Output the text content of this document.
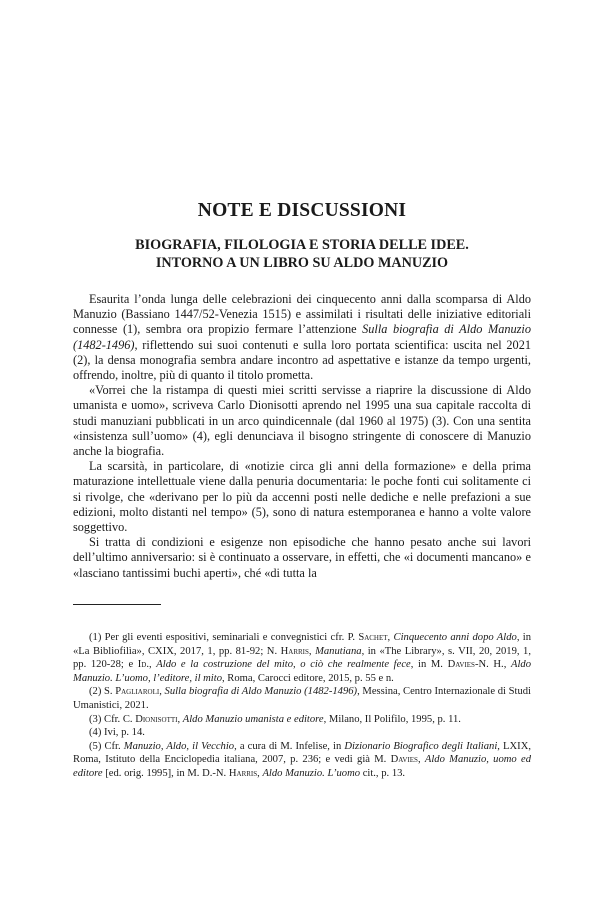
NOTE E DISCUSSIONI
BIOGRAFIA, FILOLOGIA E STORIA DELLE IDEE.
INTORNO A UN LIBRO SU ALDO MANUZIO

Esaurita l’onda lunga delle celebrazioni dei cinquecento anni dalla scomparsa di Aldo Manuzio (Bassiano 1447/52-Venezia 1515) e assimilati i risultati delle iniziative editoriali connesse (1), sembra ora propizio fermare l’attenzione Sulla biografia di Aldo Manuzio (1482-1496), riflettendo sui suoi contenuti e sulla loro portata scientifica: uscita nel 2021 (2), la densa monografia sembra andare incontro ad aspettative e istanze da tempo urgenti, offrendo, inoltre, più di quanto il titolo prometta.

«Vorrei che la ristampa di questi miei scritti servisse a riaprire la discussione di Aldo umanista e uomo», scriveva Carlo Dionisotti aprendo nel 1995 una sua capitale raccolta di studi manuziani pubblicati in un arco quindicennale (dal 1960 al 1975) (3). Con una sentita «insistenza sull’uomo» (4), egli denunciava il bisogno stringente di conoscere di Manuzio anche la biografia.

La scarsità, in particolare, di «notizie circa gli anni della formazione» e della prima maturazione intellettuale viene dalla penuria documentaria: le poche fonti cui solitamente ci si rivolge, che «derivano per lo più da accenni posti nelle dediche e nelle prefazioni a sue edizioni, molto distanti nel tempo» (5), sono di natura estemporanea e hanno a volte valore soggettivo.

Si tratta di condizioni e esigenze non episodiche che hanno pesato anche sui lavori dell’ultimo anniversario: si è continuato a osservare, in effetti, che «i documenti mancano» e «lasciano tantissimi buchi aperti», ché «di tutta la

(1) Per gli eventi espositivi, seminariali e convegnistici cfr. P. Sachet, Cinquecento anni dopo Aldo, in «La Bibliofilìa», CXIX, 2017, 1, pp. 81-92; N. Harris, Manutiana, in «The Library», s. VII, 20, 2019, 1, pp. 120-28; e Id., Aldo e la costruzione del mito, o ciò che realmente fece, in M. Davies-N. H., Aldo Manuzio. L’uomo, l’editore, il mito, Roma, Carocci editore, 2015, p. 55 e n.

(2) S. Pagliaroli, Sulla biografia di Aldo Manuzio (1482-1496), Messina, Centro Internazionale di Studi Umanistici, 2021.

(3) Cfr. C. Dionisotti, Aldo Manuzio umanista e editore, Milano, Il Polifilo, 1995, p. 11.

(4) Ivi, p. 14.

(5) Cfr. Manuzio, Aldo, il Vecchio, a cura di M. Infelise, in Dizionario Biografico degli Italiani, LXIX, Roma, Istituto della Enciclopedia italiana, 2007, p. 236; e vedi già M. Davies, Aldo Manuzio, uomo ed editore [ed. orig. 1995], in M. D.-N. Harris, Aldo Manuzio. L’uomo cit., p. 13.
